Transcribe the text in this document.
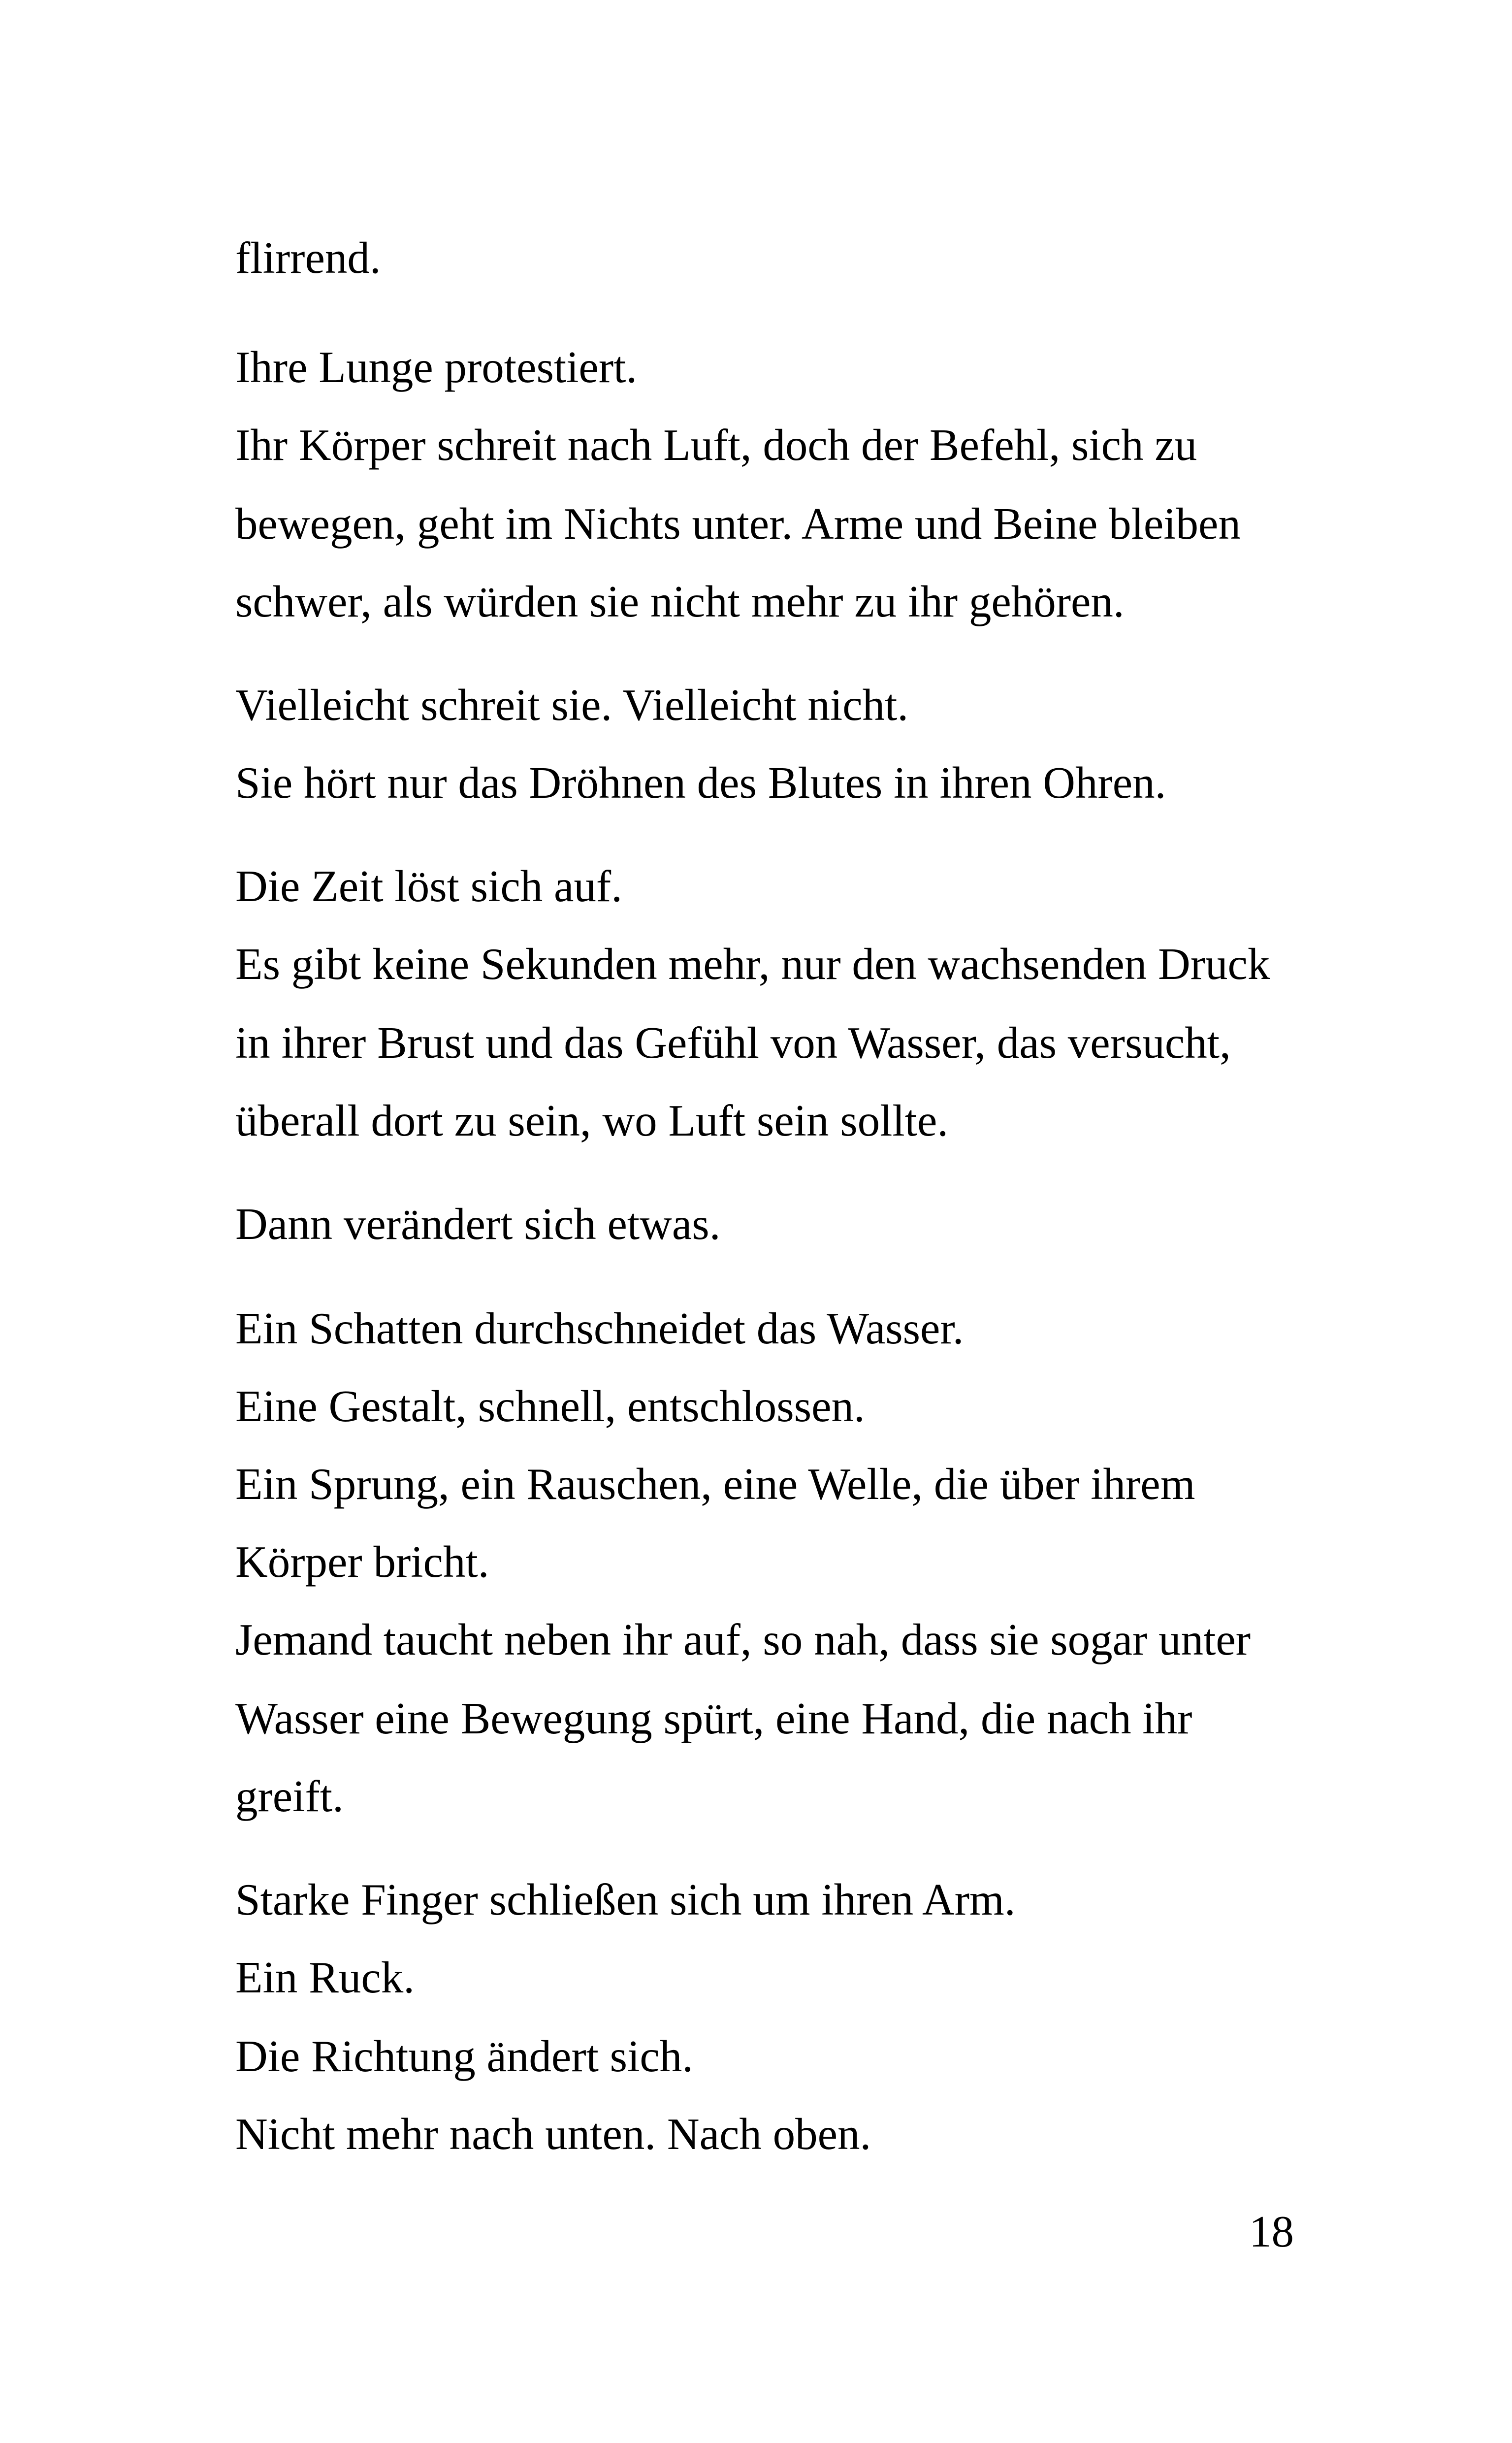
flirrend.
Ihre Lunge protestiert.
Ihr Körper schreit nach Luft, doch der Befehl, sich zu
bewegen, geht im Nichts unter. Arme und Beine bleiben
schwer, als würden sie nicht mehr zu ihr gehören.
Vielleicht schreit sie. Vielleicht nicht.
Sie hört nur das Dröhnen des Blutes in ihren Ohren.
Die Zeit löst sich auf.
Es gibt keine Sekunden mehr, nur den wachsenden Druck
in ihrer Brust und das Gefühl von Wasser, das versucht,
überall dort zu sein, wo Luft sein sollte.
Dann verändert sich etwas.
Ein Schatten durchschneidet das Wasser.
Eine Gestalt, schnell, entschlossen.
Ein Sprung, ein Rauschen, eine Welle, die über ihrem
Körper bricht.
Jemand taucht neben ihr auf, so nah, dass sie sogar unter
Wasser eine Bewegung spürt, eine Hand, die nach ihr
greift.
Starke Finger schließen sich um ihren Arm.
Ein Ruck.
Die Richtung ändert sich.
Nicht mehr nach unten. Nach oben.
18
